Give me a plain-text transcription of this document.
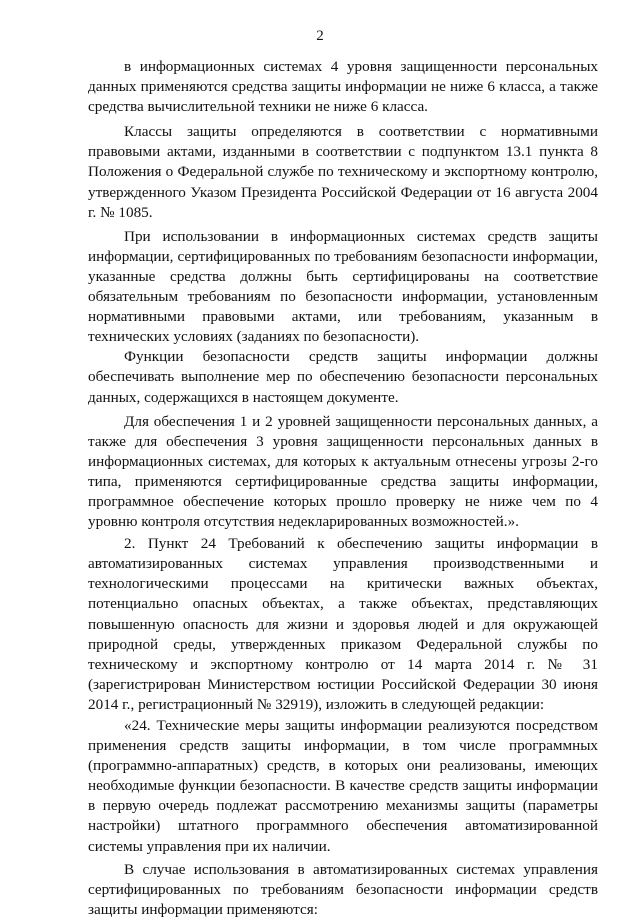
2

в информационных системах 4 уровня защищенности персональных данных применяются средства защиты информации не ниже 6 класса, а также средства вычислительной техники не ниже 6 класса.

Классы защиты определяются в соответствии с нормативными правовыми актами, изданными в соответствии с подпунктом 13.1 пункта 8 Положения о Федеральной службе по техническому и экспортному контролю, утвержденного Указом Президента Российской Федерации от 16 августа 2004 г. № 1085.

При использовании в информационных системах средств защиты информации, сертифицированных по требованиям безопасности информации, указанные средства должны быть сертифицированы на соответствие обязательным требованиям по безопасности информации, установленным нормативными правовыми актами, или требованиям, указанным в технических условиях (заданиях по безопасности).

Функции безопасности средств защиты информации должны обеспечивать выполнение мер по обеспечению безопасности персональных данных, содержащихся в настоящем документе.

Для обеспечения 1 и 2 уровней защищенности персональных данных, а также для обеспечения 3 уровня защищенности персональных данных в информационных системах, для которых к актуальным отнесены угрозы 2-го типа, применяются сертифицированные средства защиты информации, программное обеспечение которых прошло проверку не ниже чем по 4 уровню контроля отсутствия недекларированных возможностей.».

2. Пункт 24 Требований к обеспечению защиты информации в автоматизированных системах управления производственными и технологическими процессами на критически важных объектах, потенциально опасных объектах, а также объектах, представляющих повышенную опасность для жизни и здоровья людей и для окружающей природной среды, утвержденных приказом Федеральной службы по техническому и экспортному контролю от 14 марта 2014 г. № 31 (зарегистрирован Министерством юстиции Российской Федерации 30 июня 2014 г., регистрационный № 32919), изложить в следующей редакции:

«24. Технические меры защиты информации реализуются посредством применения средств защиты информации, в том числе программных (программно-аппаратных) средств, в которых они реализованы, имеющих необходимые функции безопасности. В качестве средств защиты информации в первую очередь подлежат рассмотрению механизмы защиты (параметры настройки) штатного программного обеспечения автоматизированной системы управления при их наличии.

В случае использования в автоматизированных системах управления сертифицированных по требованиям безопасности информации средств защиты информации применяются:
